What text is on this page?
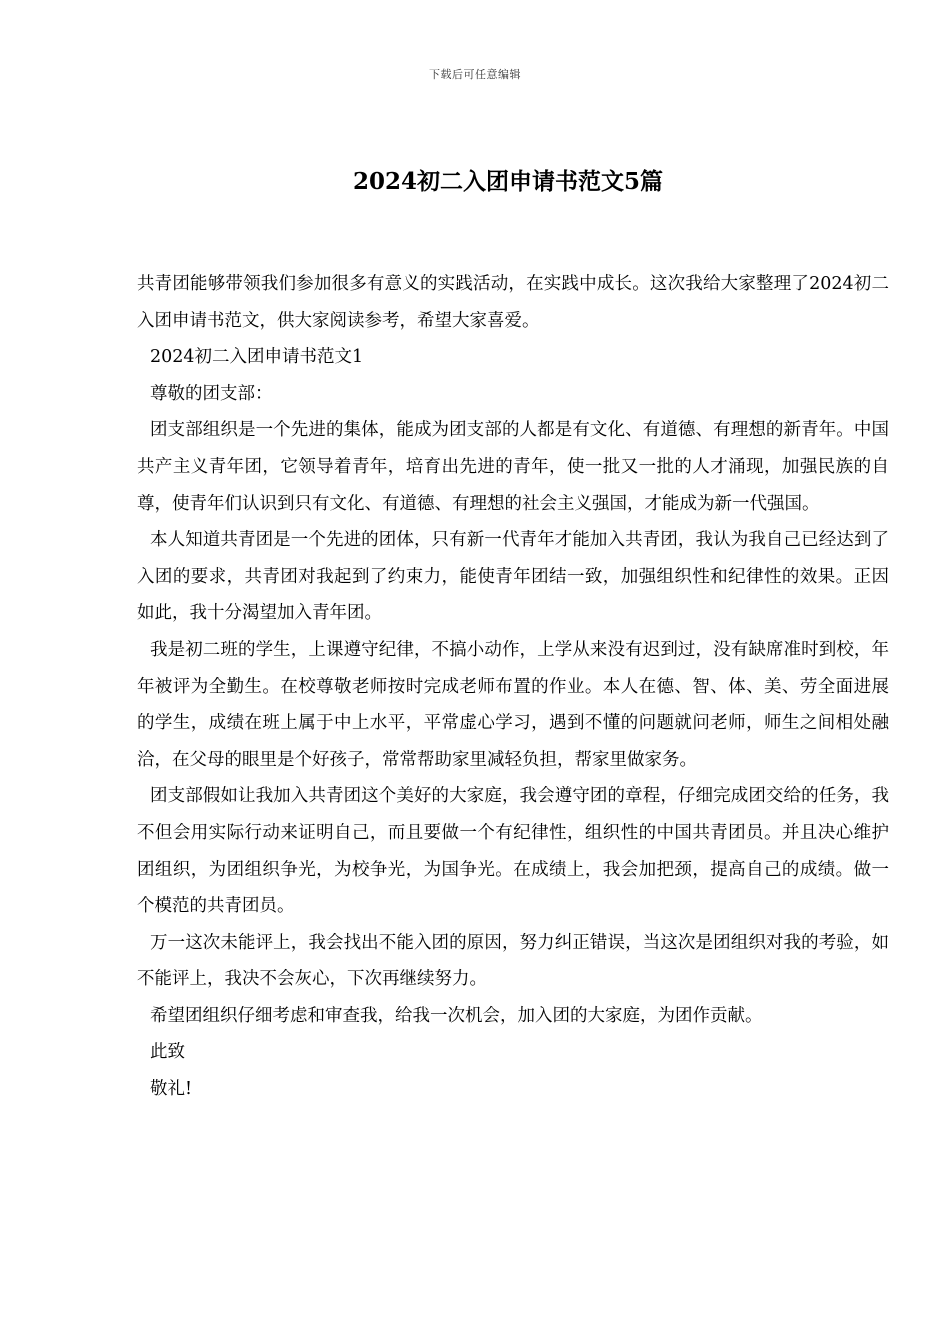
下载后可任意编辑
2024初二入团申请书范文5篇

共青团能够带领我们参加很多有意义的实践活动，在实践中成长。这次我给大家整理了2024初二入团申请书范文，供大家阅读参考，希望大家喜爱。

2024初二入团申请书范文1

尊敬的团支部：

团支部组织是一个先进的集体，能成为团支部的人都是有文化、有道德、有理想的新青年。中国共产主义青年团，它领导着青年，培育出先进的青年，使一批又一批的人才涌现，加强民族的自尊，使青年们认识到只有文化、有道德、有理想的社会主义强国，才能成为新一代强国。

本人知道共青团是一个先进的团体，只有新一代青年才能加入共青团，我认为我自己已经达到了入团的要求，共青团对我起到了约束力，能使青年团结一致，加强组织性和纪律性的效果。正因如此，我十分渴望加入青年团。

我是初二班的学生，上课遵守纪律，不搞小动作，上学从来没有迟到过，没有缺席准时到校，年年被评为全勤生。在校尊敬老师按时完成老师布置的作业。本人在德、智、体、美、劳全面进展的学生，成绩在班上属于中上水平，平常虚心学习，遇到不懂的问题就问老师，师生之间相处融洽，在父母的眼里是个好孩子，常常帮助家里减轻负担，帮家里做家务。

团支部假如让我加入共青团这个美好的大家庭，我会遵守团的章程，仔细完成团交给的任务，我不但会用实际行动来证明自己，而且要做一个有纪律性，组织性的中国共青团员。并且决心维护团组织，为团组织争光，为校争光，为国争光。在成绩上，我会加把颈，提高自己的成绩。做一个模范的共青团员。

万一这次未能评上，我会找出不能入团的原因，努力纠正错误，当这次是团组织对我的考验，如不能评上，我决不会灰心，下次再继续努力。

希望团组织仔细考虑和审查我，给我一次机会，加入团的大家庭，为团作贡献。

此致

敬礼!
